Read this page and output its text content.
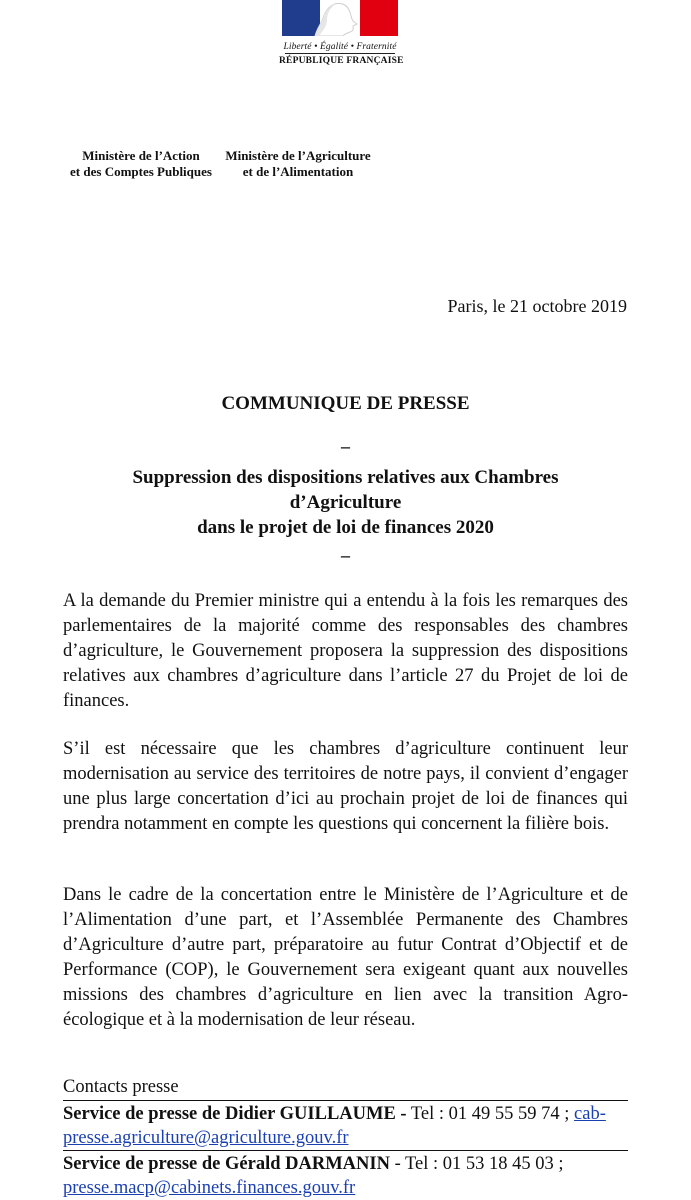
Liberté • Égalité • Fraternité
RÉPUBLIQUE FRANÇAISE
Ministère de l’Action
et des Comptes Publiques
Ministère de l’Agriculture
et de l’Alimentation
Paris, le 21 octobre 2019
COMMUNIQUE DE PRESSE
–
Suppression des dispositions relatives aux Chambres
d’Agriculture
dans le projet de loi de finances 2020
–
A la demande du Premier ministre qui a entendu à la fois les remarques des parlementaires de la majorité comme des responsables des chambres d’agriculture, le Gouvernement proposera la suppression des dispositions relatives aux chambres d’agriculture dans l’article 27 du Projet de loi de finances.
S’il est nécessaire que les chambres d’agriculture continuent leur modernisation au service des territoires de notre pays, il convient d’engager une plus large concertation d’ici au prochain projet de loi de finances qui prendra notamment en compte les questions qui concernent la filière bois.
Dans le cadre de la concertation entre le Ministère de l’Agriculture et de l’Alimentation d’une part, et l’Assemblée Permanente des Chambres d’Agriculture d’autre part, préparatoire au futur Contrat d’Objectif et de Performance (COP), le Gouvernement sera exigeant quant aux nouvelles missions des chambres d’agriculture en lien avec la transition Agro-écologique et à la modernisation de leur réseau.
Contacts presse
Service de presse de Didier GUILLAUME - Tel : 01 49 55 59 74 ; cab-presse.agriculture@agriculture.gouv.fr
Service de presse de Gérald DARMANIN - Tel : 01 53 18 45 03 ; presse.macp@cabinets.finances.gouv.fr
